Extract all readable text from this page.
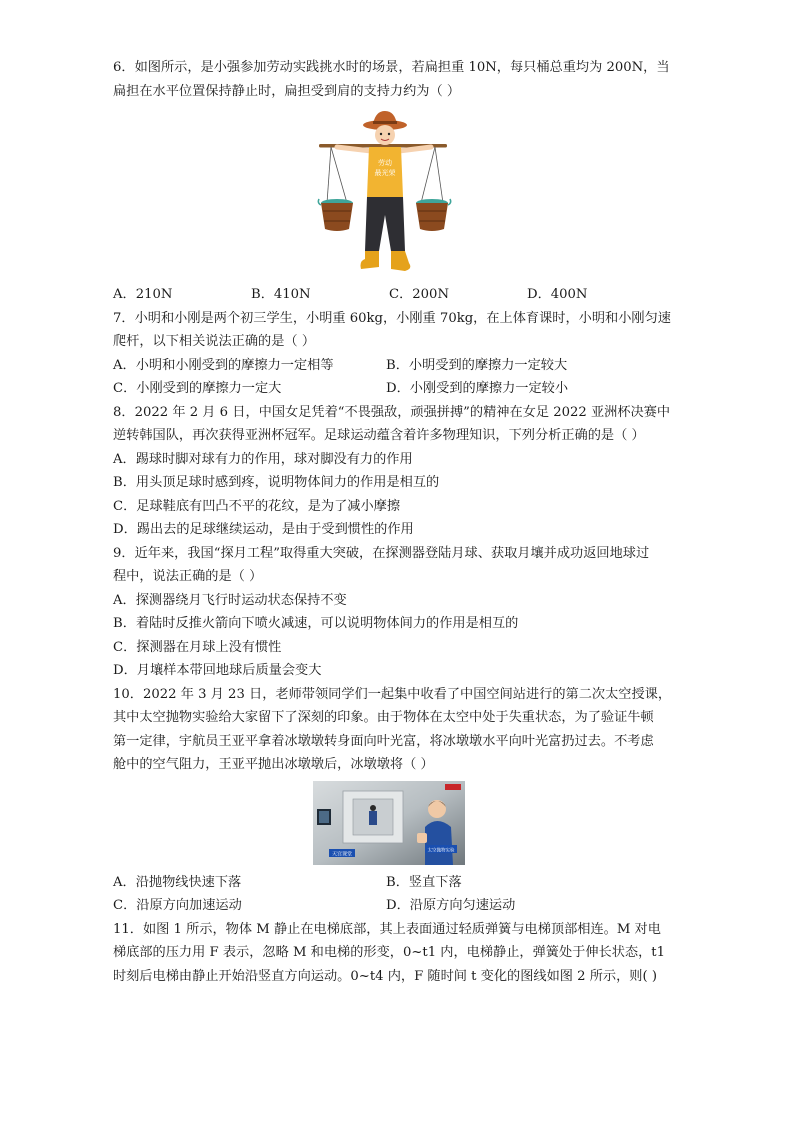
6．如图所示，是小强参加劳动实践挑水时的场景，若扁担重 10N，每只桶总重均为 200N，当

扁担在水平位置保持静止时，扁担受到肩的支持力约为（ ）

劳动
最光荣
A．210N	B．410N	C．200N	D．400N

7．小明和小刚是两个初三学生，小明重 60kg，小刚重 70kg，在上体育课时，小明和小刚匀速

爬杆，以下相关说法正确的是（ ）

A．小明和小刚受到的摩擦力一定相等	B．小明受到的摩擦力一定较大
C．小刚受到的摩擦力一定大	D．小刚受到的摩擦力一定较小

8．2022 年 2 月 6 日，中国女足凭着“不畏强敌，顽强拼搏”的精神在女足 2022 亚洲杯决赛中

逆转韩国队，再次获得亚洲杯冠军。足球运动蕴含着许多物理知识，下列分析正确的是（ ）

A．踢球时脚对球有力的作用，球对脚没有力的作用
B．用头顶足球时感到疼，说明物体间力的作用是相互的
C．足球鞋底有凹凸不平的花纹，是为了减小摩擦
D．踢出去的足球继续运动，是由于受到惯性的作用

9．近年来，我国“探月工程”取得重大突破，在探测器登陆月球、获取月壤并成功返回地球过

程中，说法正确的是（ ）

A．探测器绕月飞行时运动状态保持不变
B．着陆时反推火箭向下喷火减速，可以说明物体间力的作用是相互的
C．探测器在月球上没有惯性
D．月壤样本带回地球后质量会变大

10．2022 年 3 月 23 日，老师带领同学们一起集中收看了中国空间站进行的第二次太空授课，

其中太空抛物实验给大家留下了深刻的印象。由于物体在太空中处于失重状态，为了验证牛顿

第一定律，宇航员王亚平拿着冰墩墩转身面向叶光富，将冰墩墩水平向叶光富扔过去。不考虑

舱中的空气阻力，王亚平抛出冰墩墩后，冰墩墩将（ ）

天宫课堂
太空抛物实验
A．沿抛物线快速下落	B．竖直下落
C．沿原方向加速运动	D．沿原方向匀速运动

11．如图 1 所示，物体 M 静止在电梯底部，其上表面通过轻质弹簧与电梯顶部相连。M 对电

梯底部的压力用 F 表示，忽略 M 和电梯的形变，0~t1 内，电梯静止，弹簧处于伸长状态，t1

时刻后电梯由静止开始沿竖直方向运动。0~t4 内，F 随时间 t 变化的图线如图 2 所示，则( )
